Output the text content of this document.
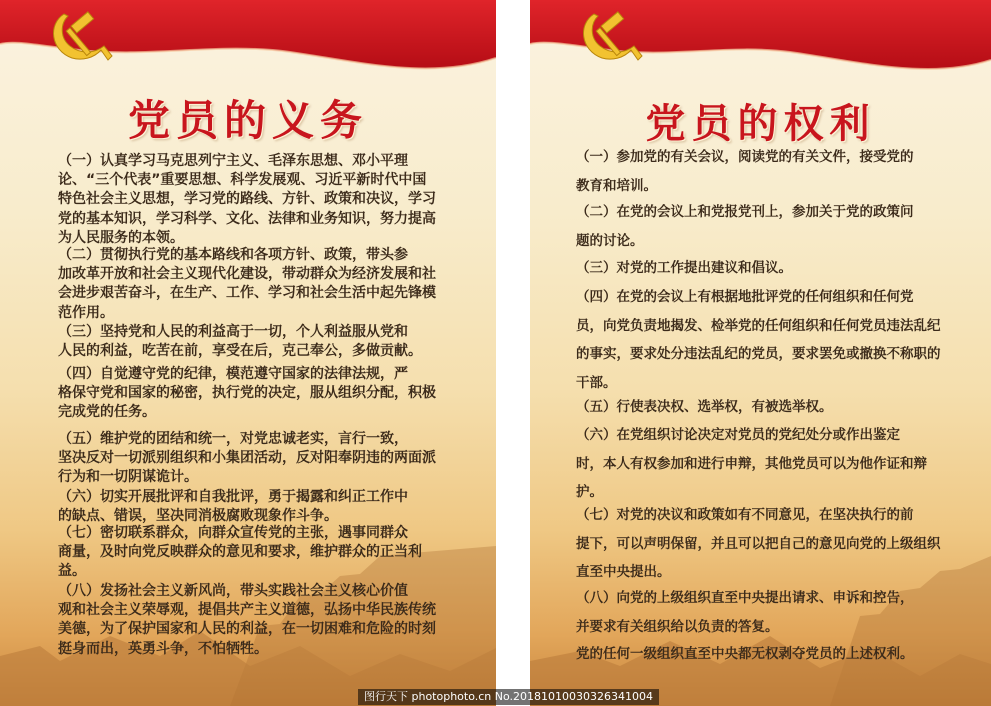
党员的义务

（一）认真学习马克思列宁主义、毛泽东思想、邓小平理
论、“三个代表”重要思想、科学发展观、习近平新时代中国
特色社会主义思想，学习党的路线、方针、政策和决议，学习
党的基本知识，学习科学、文化、法律和业务知识，努力提高
为人民服务的本领。

（二）贯彻执行党的基本路线和各项方针、政策，带头参
加改革开放和社会主义现代化建设，带动群众为经济发展和社
会进步艰苦奋斗，在生产、工作、学习和社会生活中起先锋模
范作用。

（三）坚持党和人民的利益高于一切，个人利益服从党和
人民的利益，吃苦在前，享受在后，克己奉公，多做贡献。

（四）自觉遵守党的纪律，模范遵守国家的法律法规，严
格保守党和国家的秘密，执行党的决定，服从组织分配，积极
完成党的任务。

（五）维护党的团结和统一，对党忠诚老实，言行一致，
坚决反对一切派别组织和小集团活动，反对阳奉阴违的两面派
行为和一切阴谋诡计。

（六）切实开展批评和自我批评，勇于揭露和纠正工作中
的缺点、错误，坚决同消极腐败现象作斗争。

（七）密切联系群众，向群众宣传党的主张，遇事同群众
商量，及时向党反映群众的意见和要求，维护群众的正当利
益。

（八）发扬社会主义新风尚，带头实践社会主义核心价值
观和社会主义荣辱观，提倡共产主义道德，弘扬中华民族传统
美德，为了保护国家和人民的利益，在一切困难和危险的时刻
挺身而出，英勇斗争，不怕牺牲。

党员的权利

（一）参加党的有关会议，阅读党的有关文件，接受党的
教育和培训。

（二）在党的会议上和党报党刊上，参加关于党的政策问
题的讨论。

（三）对党的工作提出建议和倡议。

（四）在党的会议上有根据地批评党的任何组织和任何党
员，向党负责地揭发、检举党的任何组织和任何党员违法乱纪
的事实，要求处分违法乱纪的党员，要求罢免或撤换不称职的
干部。

（五）行使表决权、选举权，有被选举权。

（六）在党组织讨论决定对党员的党纪处分或作出鉴定
时，本人有权参加和进行申辩，其他党员可以为他作证和辩
护。

（七）对党的决议和政策如有不同意见，在坚决执行的前
提下，可以声明保留，并且可以把自己的意见向党的上级组织
直至中央提出。

（八）向党的上级组织直至中央提出请求、申诉和控告，
并要求有关组织给以负责的答复。

党的任何一级组织直至中央都无权剥夺党员的上述权利。

图行天下 photophoto.cn No.20181010030326341004
